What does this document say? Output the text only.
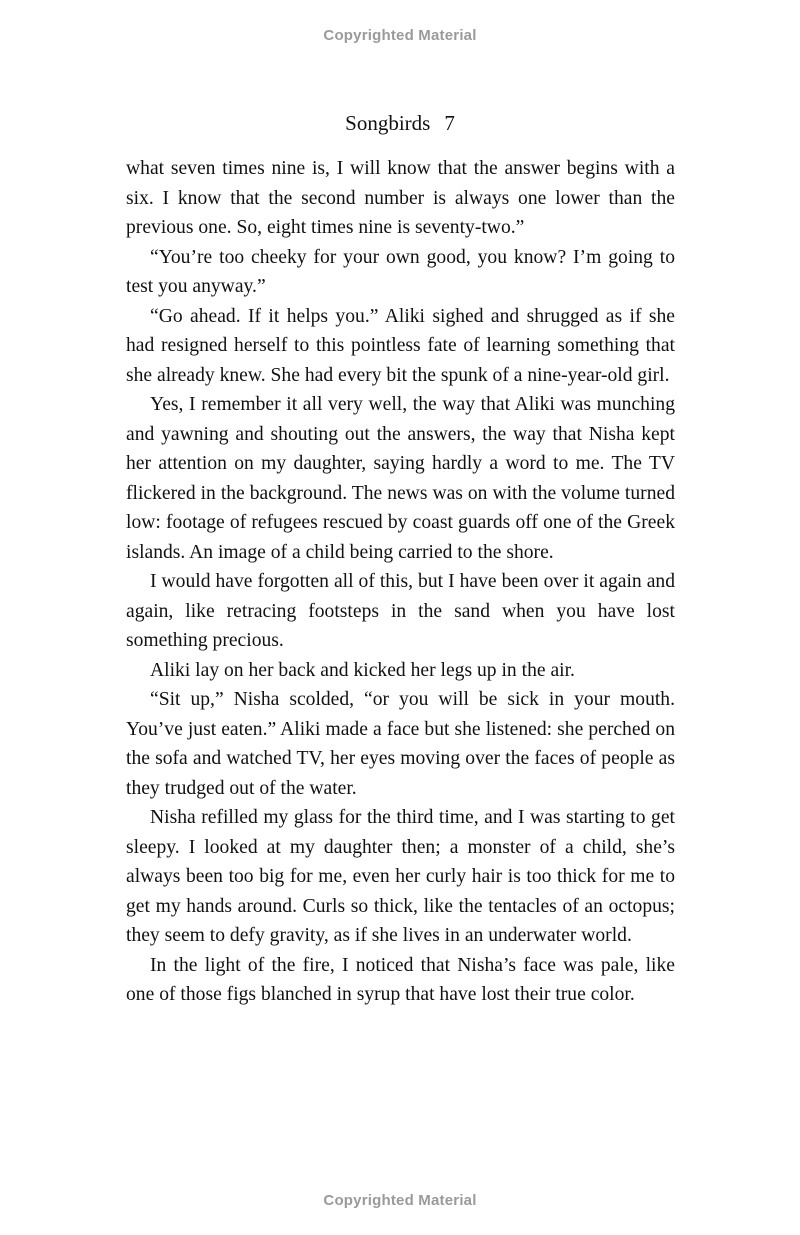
Copyrighted Material
Songbirds 7

what seven times nine is, I will know that the answer begins with a six. I know that the second number is always one lower than the previous one. So, eight times nine is seventy-two.”

“You’re too cheeky for your own good, you know? I’m going to test you anyway.”

“Go ahead. If it helps you.” Aliki sighed and shrugged as if she had resigned herself to this pointless fate of learning something that she already knew. She had every bit the spunk of a nine-year-old girl.

Yes, I remember it all very well, the way that Aliki was munching and yawning and shouting out the answers, the way that Nisha kept her attention on my daughter, saying hardly a word to me. The TV flickered in the background. The news was on with the volume turned low: footage of refugees rescued by coast guards off one of the Greek islands. An image of a child being carried to the shore.

I would have forgotten all of this, but I have been over it again and again, like retracing footsteps in the sand when you have lost something precious.

Aliki lay on her back and kicked her legs up in the air.

“Sit up,” Nisha scolded, “or you will be sick in your mouth. You’ve just eaten.” Aliki made a face but she listened: she perched on the sofa and watched TV, her eyes moving over the faces of people as they trudged out of the water.

Nisha refilled my glass for the third time, and I was starting to get sleepy. I looked at my daughter then; a monster of a child, she’s always been too big for me, even her curly hair is too thick for me to get my hands around. Curls so thick, like the tentacles of an octopus; they seem to defy gravity, as if she lives in an underwater world.

In the light of the fire, I noticed that Nisha’s face was pale, like one of those figs blanched in syrup that have lost their true color.

Copyrighted Material
